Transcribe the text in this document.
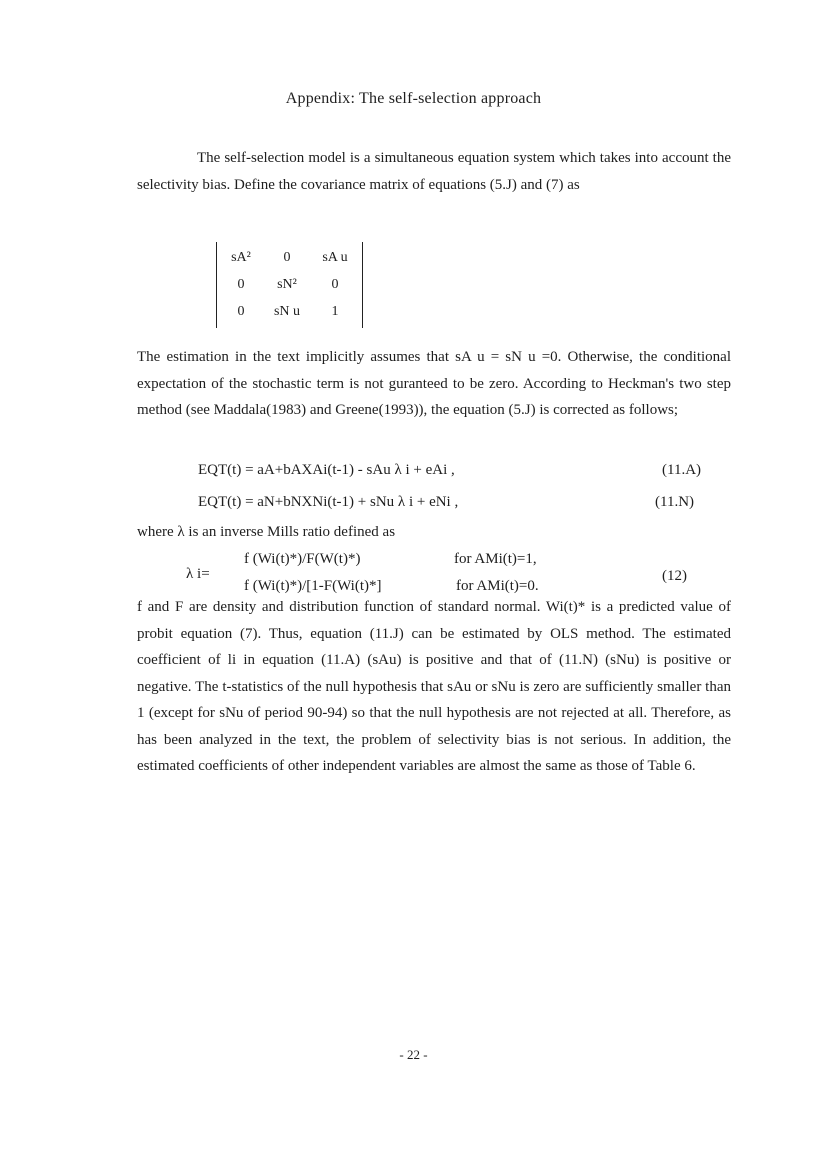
Appendix: The self-selection approach
The self-selection model is a simultaneous equation system which takes into account the selectivity bias. Define the covariance matrix of equations (5.J) and (7) as
sA²	0	sA u
0	sN²	0
0	sN u	1
The estimation in the text implicitly assumes that sA u = sN u =0. Otherwise, the conditional expectation of the stochastic term is not guranteed to be zero. According to Heckman's two step method (see Maddala(1983) and Greene(1993)), the equation (5.J) is corrected as follows;
EQT(t) = aA+bAXAi(t-1) - sAu λ i + eAi ,	(11.A)
EQT(t) = aN+bNXNi(t-1) + sNu λ i + eNi ,	(11.N)
where λ is an inverse Mills ratio defined as
λ i=
f (Wi(t)*)/F(W(t)*)	for AMi(t)=1,
f (Wi(t)*)/[1-F(Wi(t)*]	for AMi(t)=0.
(12)
f and F are density and distribution function of standard normal. Wi(t)* is a predicted value of probit equation (7). Thus, equation (11.J) can be estimated by OLS method. The estimated coefficient of li in equation (11.A) (sAu) is positive and that of (11.N) (sNu) is positive or negative. The t-statistics of the null hypothesis that sAu or sNu is zero are sufficiently smaller than 1 (except for sNu of period 90-94) so that the null hypothesis are not rejected at all. Therefore, as has been analyzed in the text, the problem of selectivity bias is not serious. In addition, the estimated coefficients of other independent variables are almost the same as those of Table 6.
- 22 -
